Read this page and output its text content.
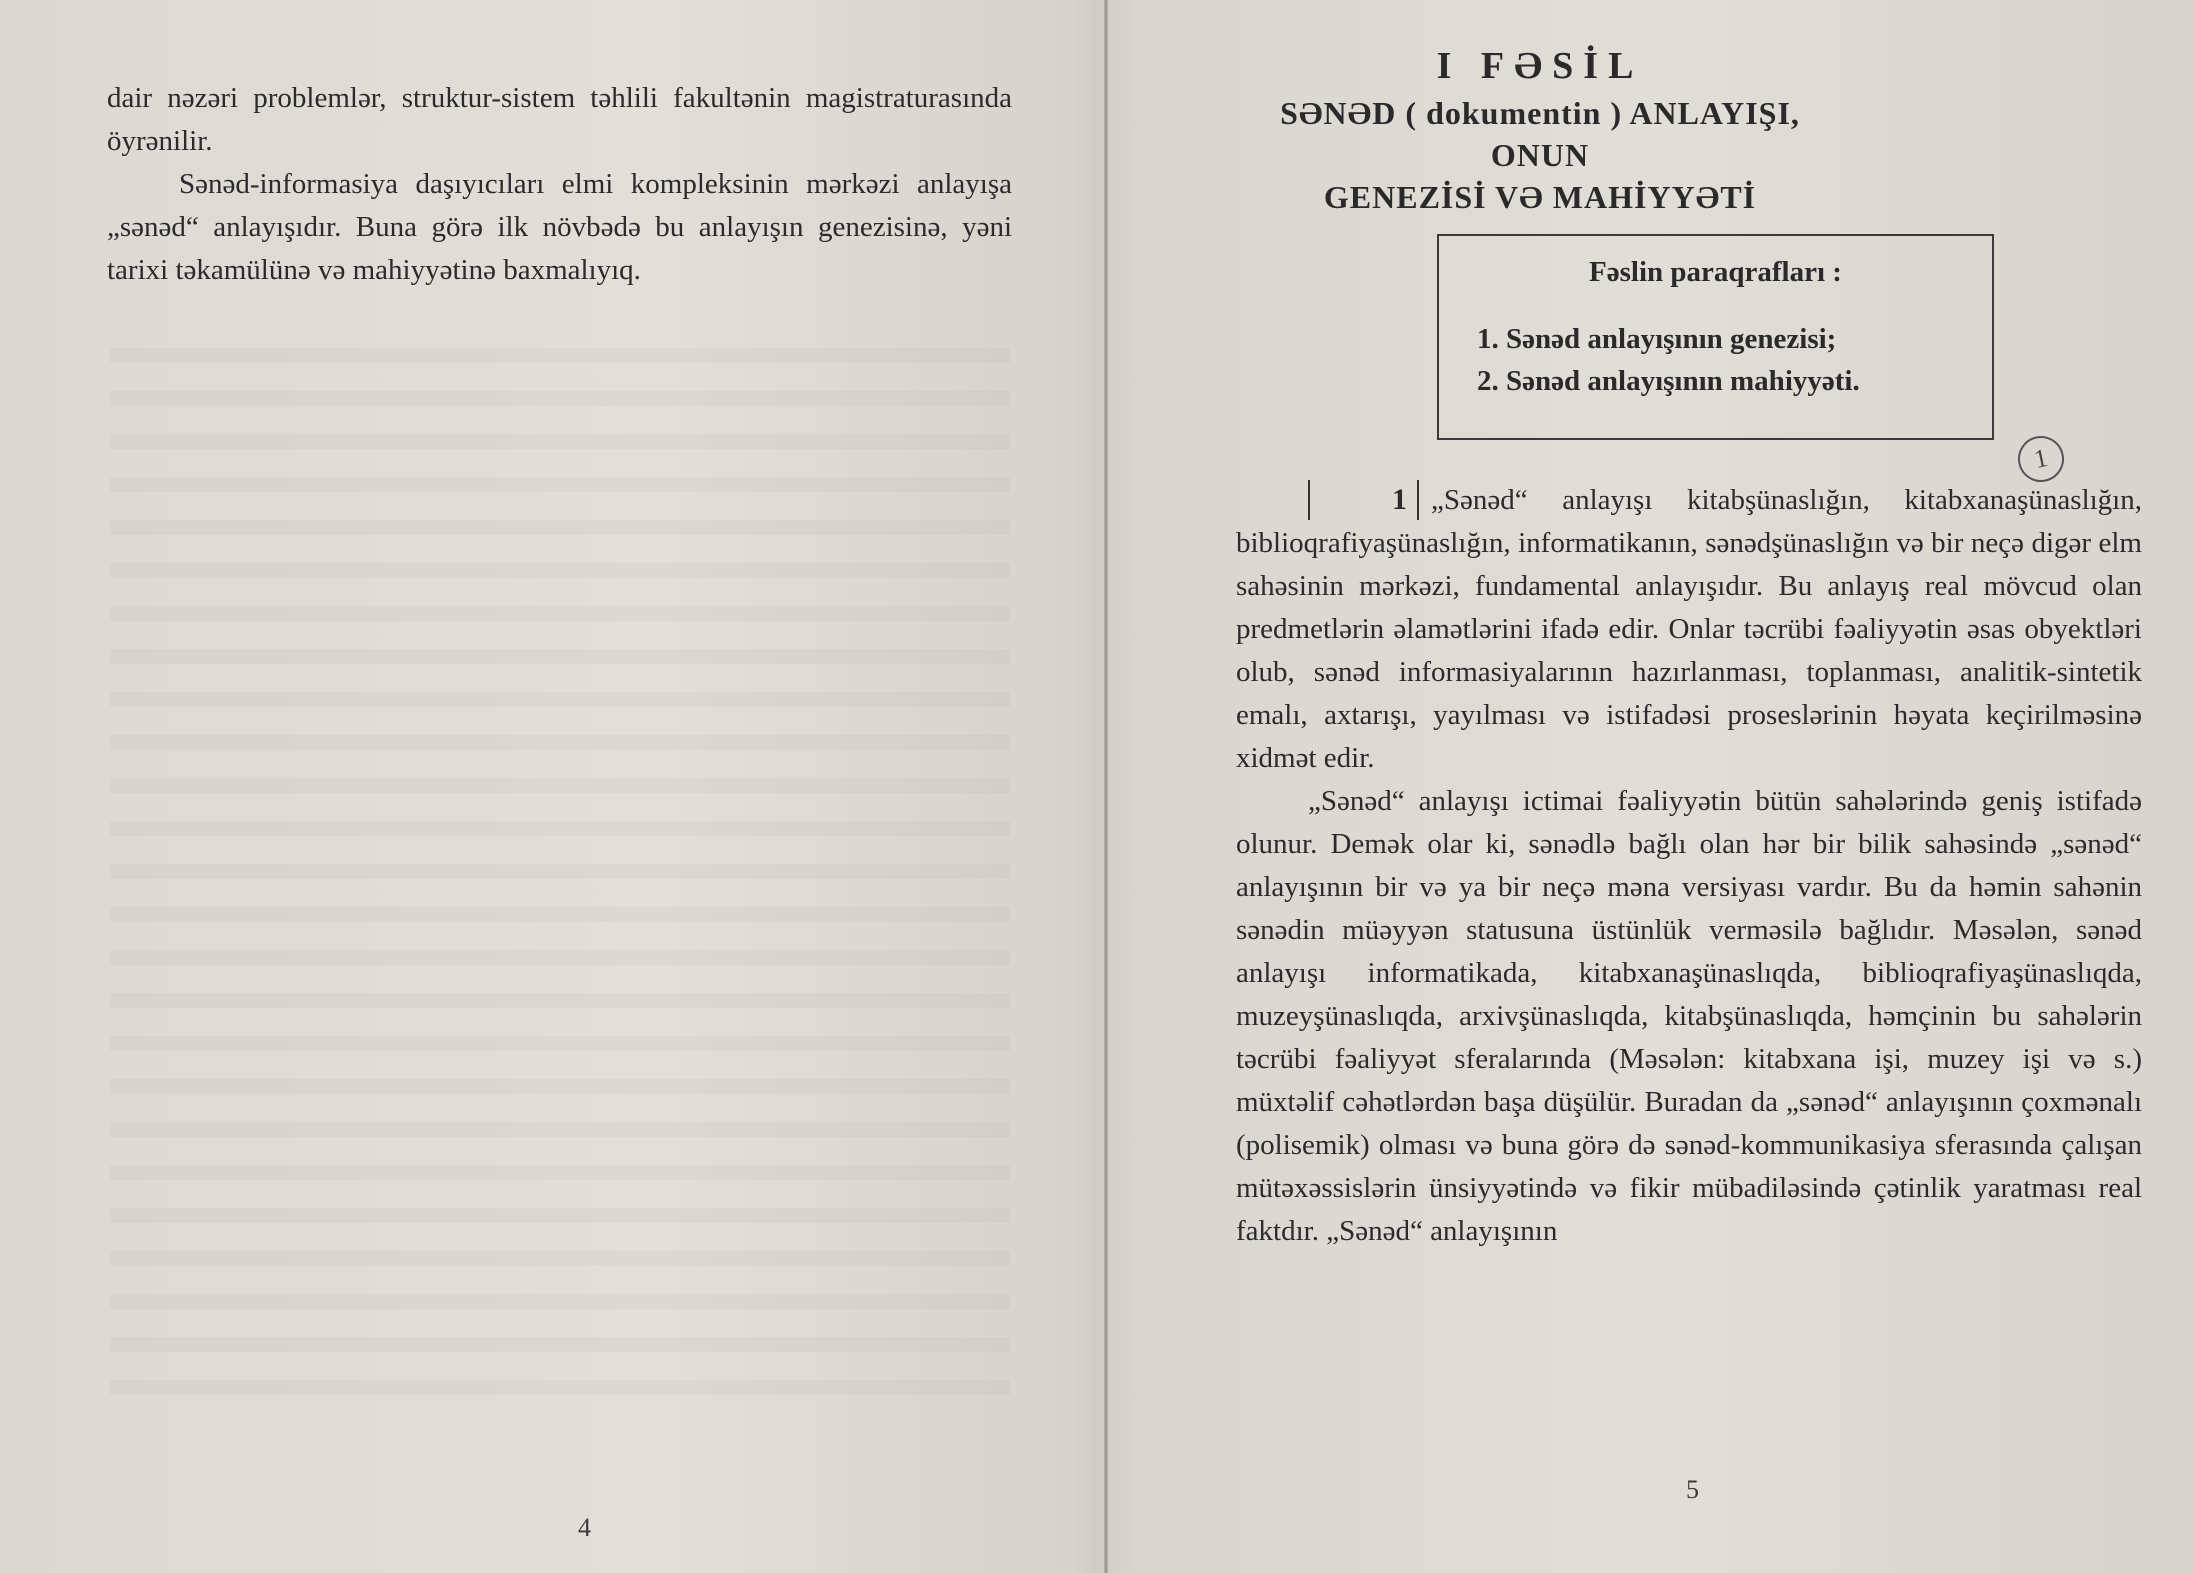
dair nəzəri problemlər, struktur-sistem təhlili fakultənin magistraturasında öyrənilir.

Sənəd-informasiya daşıyıcıları elmi kompleksinin mərkəzi anlayışa „sənəd“ anlayışıdır. Buna görə ilk növbədə bu anlayışın genezisinə, yəni tarixi təkamülünə və mahiyyətinə baxmalıyıq.

4
I FƏSİL
SƏNƏD ( dokumentin ) ANLAYIŞI, ONUN
GENEZİSİ VƏ MAHİYYƏTİ
Fəslin paraqrafları :
1. Sənəd anlayışının genezisi;
2. Sənəd anlayışının mahiyyəti.
1

1 „Sənəd“ anlayışı kitabşünaslığın, kitabxanaşünaslığın, biblioqrafiyaşünaslığın, informatikanın, sənədşünaslığın və bir neçə digər elm sahəsinin mərkəzi, fundamental anlayışıdır. Bu anlayış real mövcud olan predmetlərin əlamətlərini ifadə edir. Onlar təcrübi fəaliyyətin əsas obyektləri olub, sənəd informasiyalarının hazırlanması, toplanması, analitik-sintetik emalı, axtarışı, yayılması və istifadəsi proseslərinin həyata keçirilməsinə xidmət edir.

„Sənəd“ anlayışı ictimai fəaliyyətin bütün sahələrində geniş istifadə olunur. Demək olar ki, sənədlə bağlı olan hər bir bilik sahəsində „sənəd“ anlayışının bir və ya bir neçə məna versiyası vardır. Bu da həmin sahənin sənədin müəyyən statusuna üstünlük verməsilə bağlıdır. Məsələn, sənəd anlayışı informatikada, kitabxanaşünaslıqda, biblioqrafiyaşünaslıqda, muzeyşünaslıqda, arxivşünaslıqda, kitabşünaslıqda, həmçinin bu sahələrin təcrübi fəaliyyət sferalarında (Məsələn: kitabxana işi, muzey işi və s.) müxtəlif cəhətlərdən başa düşülür. Buradan da „sənəd“ anlayışının çoxmənalı (polisemik) olması və buna görə də sənəd-kommunikasiya sferasında çalışan mütəxəssislərin ünsiyyətində və fikir mübadiləsində çətinlik yaratması real faktdır. „Sənəd“ anlayışının

5
